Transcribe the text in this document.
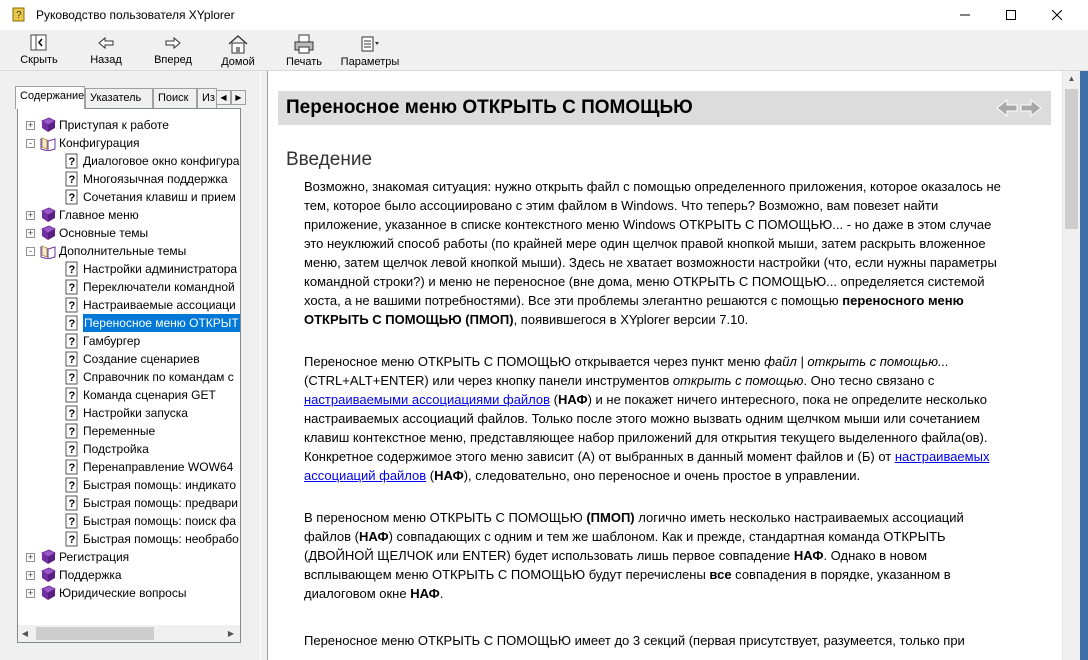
? Руководство пользователя XYplorer
Скрыть	Назад	Вперед	Домой	Печать	Параметры
Содержание Указатель	Поиск	Из ◀	▶
+ Приступая к работе
- Конфигурация
? Диалоговое окно конфигура
? Многоязычная поддержка
? Сочетания клавиш и прием
+ Главное меню
+ Основные темы
- Дополнительные темы
? Настройки администратора
? Переключатели командной
? Настраиваемые ассоциаци
? Переносное меню ОТКРЫТ
? Гамбургер
? Создание сценариев
? Справочник по командам с
? Команда сценария GET
? Настройки запуска
? Переменные
? Подстройка
? Перенаправление WOW64
? Быстрая помощь: индикато
? Быстрая помощь: предвари
? Быстрая помощь: поиск фа
? Быстрая помощь: необрабо
+ Регистрация
+ Поддержка
+ Юридические вопросы
◀	▶
Переносное меню ОТКРЫТЬ С ПОМОЩЬЮ
Введение
Возможно, знакомая ситуация: нужно открыть файл с помощью определенного приложения, которое оказалось не тем, которое было ассоциировано с этим файлом в Windows. Что теперь? Возможно, вам повезет найти приложение, указанное в списке контекстного меню Windows ОТКРЫТЬ С ПОМОЩЬЮ... - но даже в этом случае это неуклюжий способ работы (по крайней мере один щелчок правой кнопкой мыши, затем раскрыть вложенное меню, затем щелчок левой кнопкой мыши). Здесь не хватает возможности настройки (что, если нужны параметры командной строки?) и меню не переносное (вне дома, меню ОТКРЫТЬ С ПОМОЩЬЮ... определяется системой хоста, а не вашими потребностями). Все эти проблемы элегантно решаются с помощью переносного меню ОТКРЫТЬ С ПОМОЩЬЮ (ПМОП), появившегося в XYplorer версии 7.10.
Переносное меню ОТКРЫТЬ С ПОМОЩЬЮ открывается через пункт меню файл | открыть с помощью... (CTRL+ALT+ENTER) или через кнопку панели инструментов открыть с помощью. Оно тесно связано с настраиваемыми ассоциациями файлов (НАФ) и не покажет ничего интересного, пока не определите несколько настраиваемых ассоциаций файлов. Только после этого можно вызвать одним щелчком мыши или сочетанием клавиш контекстное меню, представляющее набор приложений для открытия текущего выделенного файла(ов). Конкретное содержимое этого меню зависит (А) от выбранных в данный момент файлов и (Б) от настраиваемых ассоциаций файлов (НАФ), следовательно, оно переносное и очень простое в управлении.
В переносном меню ОТКРЫТЬ С ПОМОЩЬЮ (ПМОП) логично иметь несколько настраиваемых ассоциаций файлов (НАФ) совпадающих с одним и тем же шаблоном. Как и прежде, стандартная команда ОТКРЫТЬ (ДВОЙНОЙ ЩЕЛЧОК или ENTER) будет использовать лишь первое совпадение НАФ. Однако в новом всплывающем меню ОТКРЫТЬ С ПОМОЩЬЮ будут перечислены все совпадения в порядке, указанном в диалоговом окне НАФ.
Переносное меню ОТКРЫТЬ С ПОМОЩЬЮ имеет до 3 секций (первая присутствует, разумеется, только при
▲
